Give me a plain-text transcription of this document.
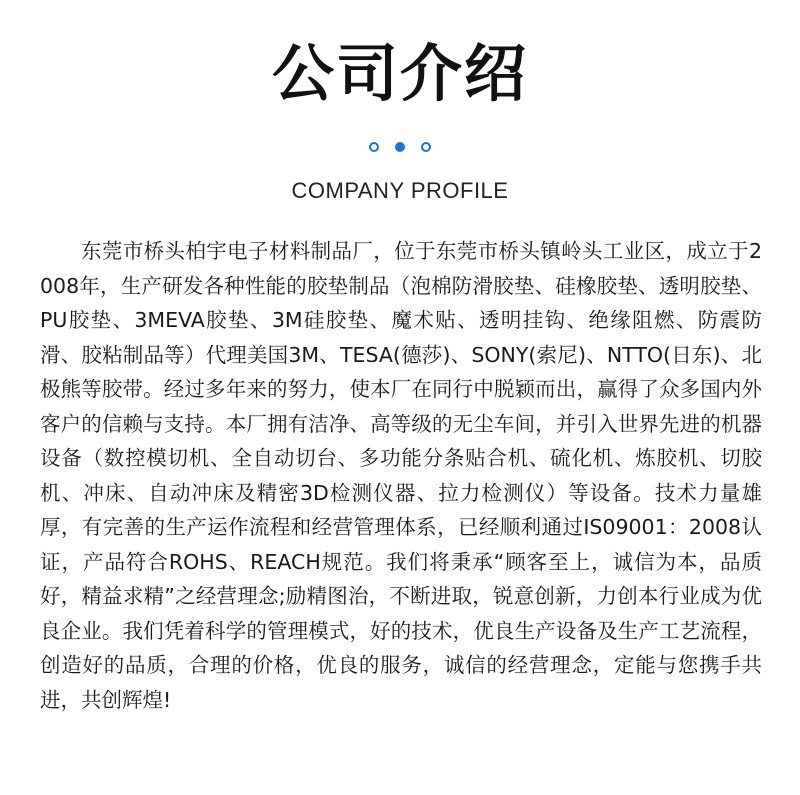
公司介绍
COMPANY PROFILE
东莞市桥头柏宇电子材料制品厂，位于东莞市桥头镇岭头工业区，成立于2008年，生产研发各种性能的胶垫制品（泡棉防滑胶垫、硅橡胶垫、透明胶垫、PU胶垫、3MEVA胶垫、3M硅胶垫、魔术贴、透明挂钩、绝缘阻燃、防震防滑、胶粘制品等）代理美国3M、TESA(德莎)、SONY(索尼)、NTTO(日东)、北极熊等胶带。经过多年来的努力，使本厂在同行中脱颖而出，赢得了众多国内外客户的信赖与支持。本厂拥有洁净、高等级的无尘车间，并引入世界先进的机器设备（数控模切机、全自动切台、多功能分条贴合机、硫化机、炼胶机、切胶机、冲床、自动冲床及精密3D检测仪器、拉力检测仪）等设备。技术力量雄厚，有完善的生产运作流程和经营管理体系，已经顺利通过IS09001：2008认证，产品符合ROHS、REACH规范。我们将秉承“顾客至上，诚信为本，品质好，精益求精”之经营理念;励精图治，不断进取，锐意创新，力创本行业成为优良企业。我们凭着科学的管理模式，好的技术，优良生产设备及生产工艺流程，创造好的品质，合理的价格，优良的服务，诚信的经营理念，定能与您携手共进，共创辉煌!
